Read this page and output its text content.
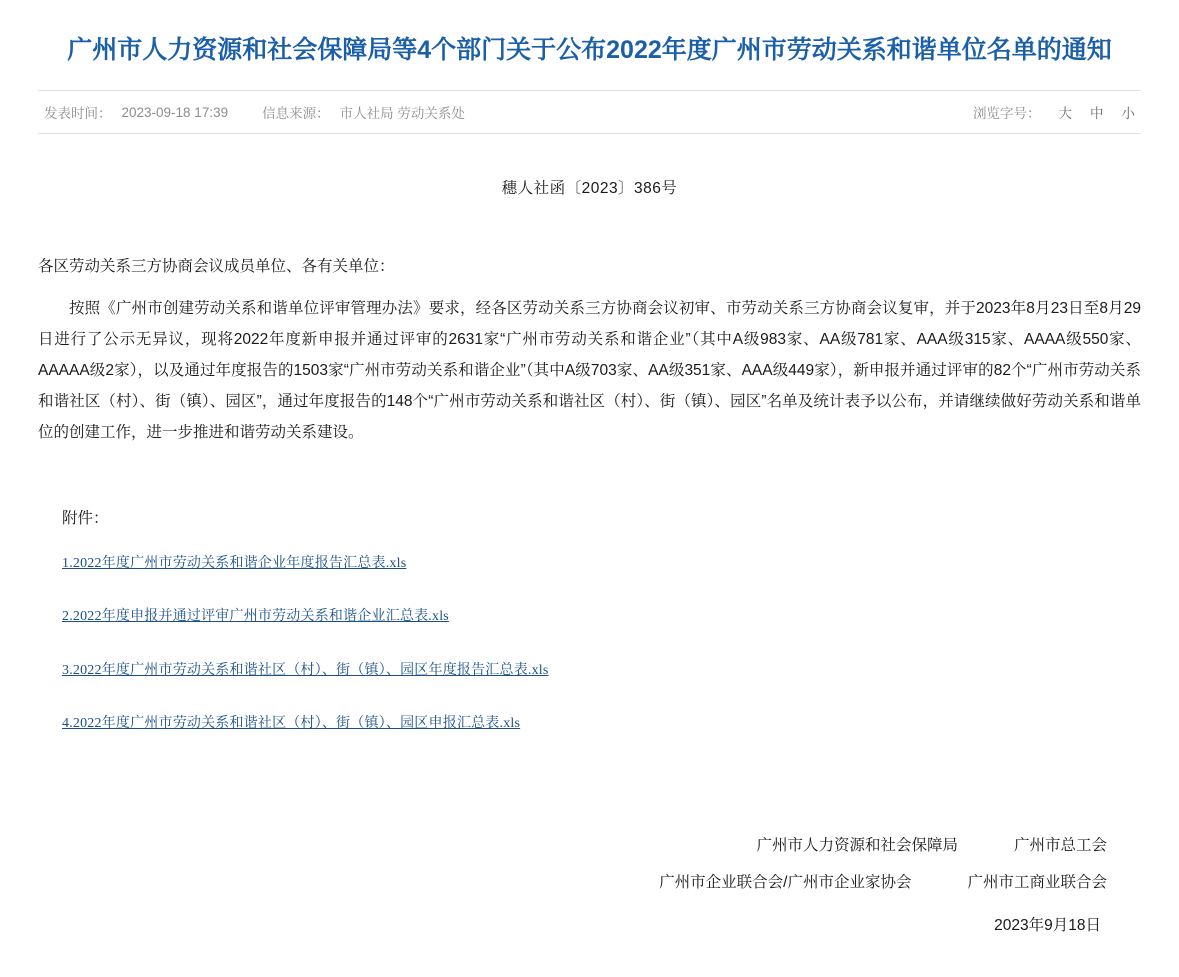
广州市人力资源和社会保障局等4个部门关于公布2022年度广州市劳动关系和谐单位名单的通知
发表时间： 2023-09-18 17:39	信息来源： 市人社局 劳动关系处	浏览字号： 大 中 小
穗人社函〔2023〕386号
各区劳动关系三方协商会议成员单位、各有关单位：
按照《广州市创建劳动关系和谐单位评审管理办法》要求，经各区劳动关系三方协商会议初审、市劳动关系三方协商会议复审，并于2023年8月23日至8月29日进行了公示无异议，现将2022年度新申报并通过评审的2631家“广州市劳动关系和谐企业”（其中A级983家、AA级781家、AAA级315家、AAAA级550家、AAAAA级2家），以及通过年度报告的1503家“广州市劳动关系和谐企业”（其中A级703家、AA级351家、AAA级449家），新申报并通过评审的82个“广州市劳动关系和谐社区（村）、街（镇）、园区”，通过年度报告的148个“广州市劳动关系和谐社区（村）、街（镇）、园区”名单及统计表予以公布，并请继续做好劳动关系和谐单位的创建工作，进一步推进和谐劳动关系建设。
附件：
1.2022年度广州市劳动关系和谐企业年度报告汇总表.xls
2.2022年度申报并通过评审广州市劳动关系和谐企业汇总表.xls
3.2022年度广州市劳动关系和谐社区（村）、街（镇）、园区年度报告汇总表.xls
4.2022年度广州市劳动关系和谐社区（村）、街（镇）、园区申报汇总表.xls
广州市人力资源和社会保障局	广州市总工会
广州市企业联合会/广州市企业家协会	广州市工商业联合会
2023年9月18日
